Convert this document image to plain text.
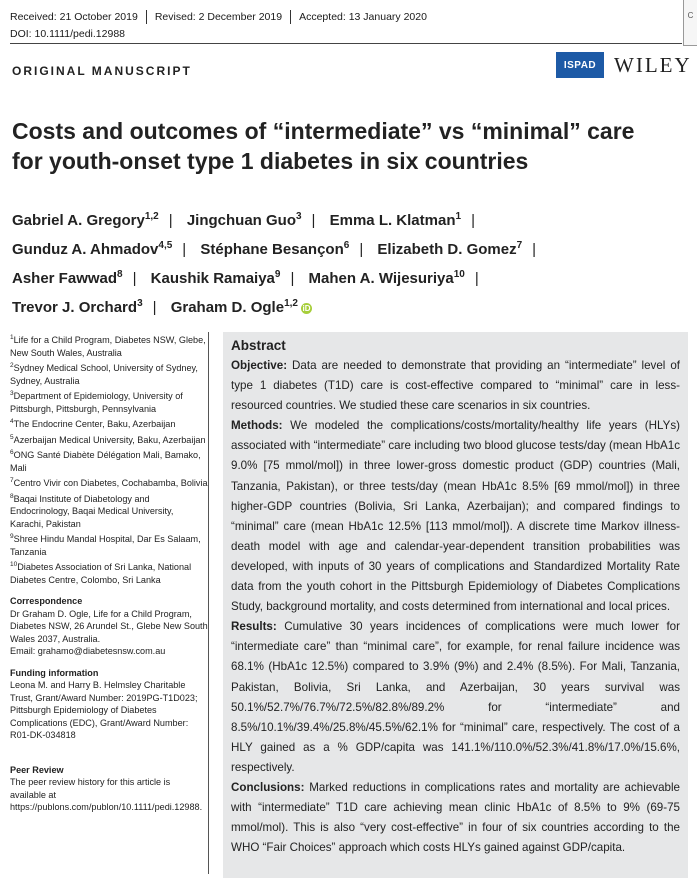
Received: 21 October 2019	Revised: 2 December 2019	Accepted: 13 January 2020
DOI: 10.1111/pedi.12988
C
ORIGINAL MANUSCRIPT	ISPAD WILEY
Costs and outcomes of “intermediate” vs “minimal” care for youth-onset type 1 diabetes in six countries
Gabriel A. Gregory$^{1,2}$ | Jingchuan Guo$^3$ | Emma L. Klatman$^1$ |
Gunduz A. Ahmadov$^{4,5}$ | Stéphane Besançon$^6$ | Elizabeth D. Gomez$^7$ |
Asher Fawwad$^8$ | Kaushik Ramaiya$^9$ | Mahen A. Wijesuriya$^{10}$ |
Trevor J. Orchard$^3$ | Graham D. Ogle$^{1,2}$ iD
$^1$Life for a Child Program, Diabetes NSW, Glebe, New South Wales, Australia
$^2$Sydney Medical School, University of Sydney, Sydney, Australia
$^3$Department of Epidemiology, University of Pittsburgh, Pittsburgh, Pennsylvania
$^4$The Endocrine Center, Baku, Azerbaijan
$^5$Azerbaijan Medical University, Baku, Azerbaijan
$^6$ONG Santé Diabète Délégation Mali, Bamako, Mali
$^7$Centro Vivir con Diabetes, Cochabamba, Bolivia
$^8$Baqai Institute of Diabetology and Endocrinology, Baqai Medical University, Karachi, Pakistan
$^9$Shree Hindu Mandal Hospital, Dar Es Salaam, Tanzania
$^{10}$Diabetes Association of Sri Lanka, National Diabetes Centre, Colombo, Sri Lanka
Correspondence
Dr Graham D. Ogle, Life for a Child Program, Diabetes NSW, 26 Arundel St., Glebe New South Wales 2037, Australia.
Email: grahamo@diabetesnsw.com.au
Funding information
Leona M. and Harry B. Helmsley Charitable Trust, Grant/Award Number: 2019PG-T1D023; Pittsburgh Epidemiology of Diabetes Complications (EDC), Grant/Award Number: R01-DK-034818
Peer Review
The peer review history for this article is available at https://publons.com/publon/10.1111/pedi.12988.
Abstract

Objective: Data are needed to demonstrate that providing an “intermediate” level of type 1 diabetes (T1D) care is cost-effective compared to “minimal” care in less-resourced countries. We studied these care scenarios in six countries.

Methods: We modeled the complications/costs/mortality/healthy life years (HLYs) associated with “intermediate” care including two blood glucose tests/day (mean HbA1c 9.0% [75 mmol/mol]) in three lower-gross domestic product (GDP) countries (Mali, Tanzania, Pakistan), or three tests/day (mean HbA1c 8.5% [69 mmol/mol]) in three higher-GDP countries (Bolivia, Sri Lanka, Azerbaijan); and compared findings to “minimal” care (mean HbA1c 12.5% [113 mmol/mol]). A discrete time Markov illness-death model with age and calendar-year-dependent transition probabilities was developed, with inputs of 30 years of complications and Standardized Mortality Rate data from the youth cohort in the Pittsburgh Epidemiology of Diabetes Complications Study, background mortality, and costs determined from international and local prices.

Results: Cumulative 30 years incidences of complications were much lower for “intermediate care” than “minimal care”, for example, for renal failure incidence was 68.1% (HbA1c 12.5%) compared to 3.9% (9%) and 2.4% (8.5%). For Mali, Tanzania, Pakistan, Bolivia, Sri Lanka, and Azerbaijan, 30 years survival was 50.1%/52.7%/76.7%/72.5%/82.8%/89.2% for “intermediate” and 8.5%/10.1%/39.4%/25.8%/45.5%/62.1% for “minimal” care, respectively. The cost of a HLY gained as a % GDP/capita was 141.1%/110.0%/52.3%/41.8%/17.0%/15.6%, respectively.

Conclusions: Marked reductions in complications rates and mortality are achievable with “intermediate” T1D care achieving mean clinic HbA1c of 8.5% to 9% (69-75 mmol/mol). This is also “very cost-effective” in four of six countries according to the WHO “Fair Choices” approach which costs HLYs gained against GDP/capita.
